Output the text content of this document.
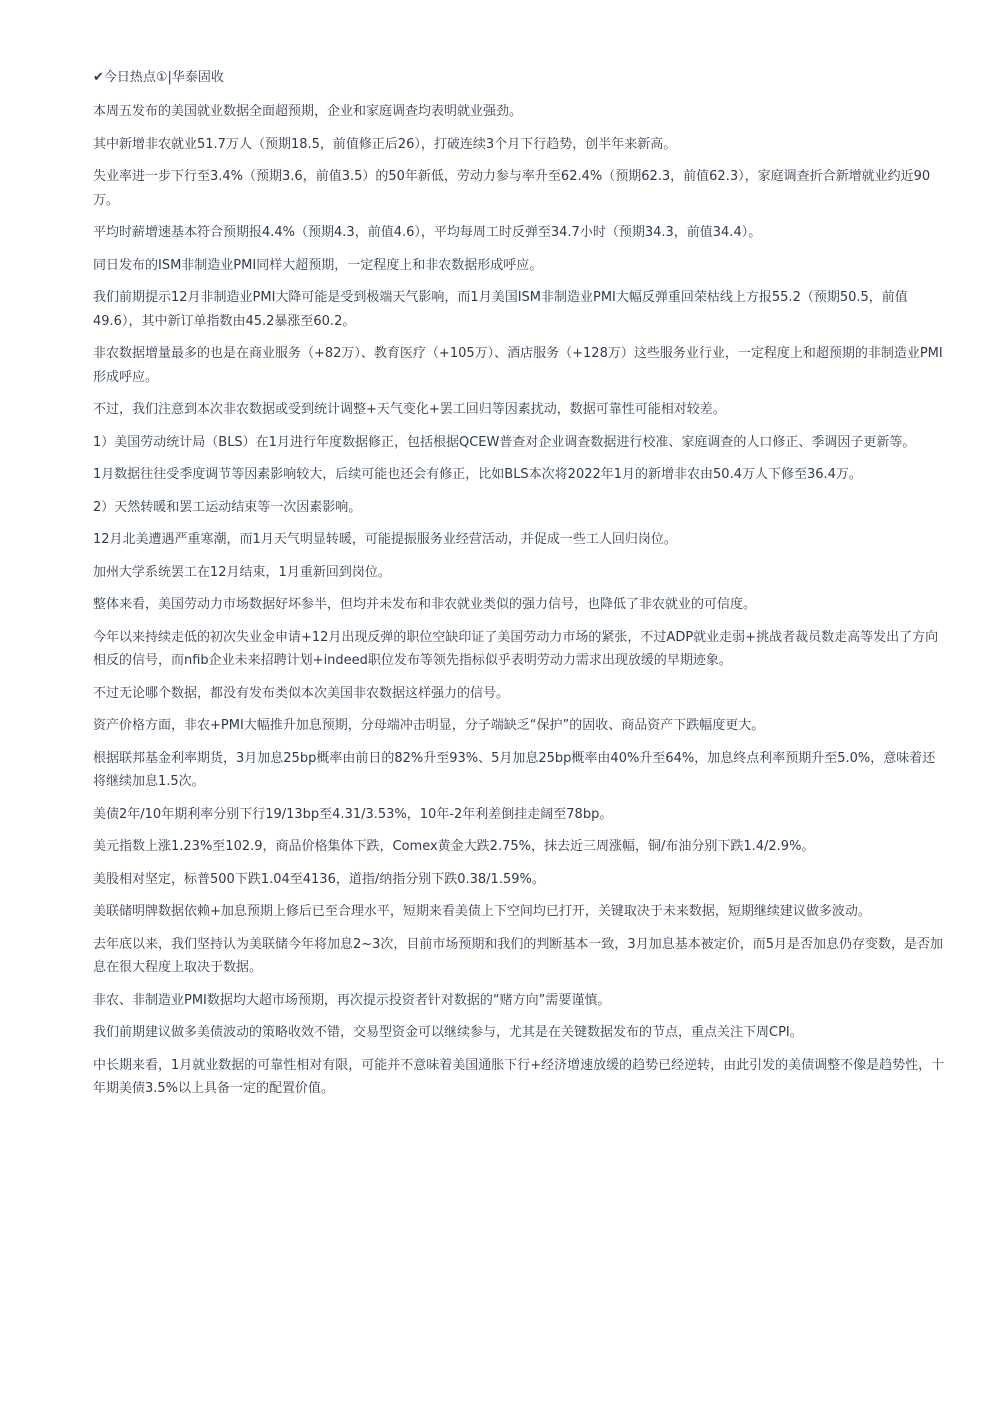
✔今日热点①|华泰固收

本周五发布的美国就业数据全面超预期，企业和家庭调查均表明就业强劲。

其中新增非农就业51.7万人（预期18.5，前值修正后26），打破连续3个月下行趋势，创半年来新高。

失业率进一步下行至3.4%（预期3.6，前值3.5）的50年新低，劳动力参与率升至62.4%（预期62.3，前值62.3），家庭调查折合新增就业约近90万。

平均时薪增速基本符合预期报4.4%（预期4.3，前值4.6），平均每周工时反弹至34.7小时（预期34.3，前值34.4）。

同日发布的ISM非制造业PMI同样大超预期，一定程度上和非农数据形成呼应。

我们前期提示12月非制造业PMI大降可能是受到极端天气影响，而1月美国ISM非制造业PMI大幅反弹重回荣枯线上方报55.2（预期50.5，前值49.6），其中新订单指数由45.2暴涨至60.2。

非农数据增量最多的也是在商业服务（+82万）、教育医疗（+105万）、酒店服务（+128万）这些服务业行业，一定程度上和超预期的非制造业PMI形成呼应。

不过，我们注意到本次非农数据或受到统计调整+天气变化+罢工回归等因素扰动，数据可靠性可能相对较差。

1）美国劳动统计局（BLS）在1月进行年度数据修正，包括根据QCEW普查对企业调查数据进行校准、家庭调查的人口修正、季调因子更新等。

1月数据往往受季度调节等因素影响较大，后续可能也还会有修正，比如BLS本次将2022年1月的新增非农由50.4万人下修至36.4万。

2）天然转暖和罢工运动结束等一次因素影响。

12月北美遭遇严重寒潮，而1月天气明显转暖，可能提振服务业经营活动，并促成一些工人回归岗位。

加州大学系统罢工在12月结束，1月重新回到岗位。

整体来看，美国劳动力市场数据好坏参半，但均并未发布和非农就业类似的强力信号，也降低了非农就业的可信度。

今年以来持续走低的初次失业金申请+12月出现反弹的职位空缺印证了美国劳动力市场的紧张，不过ADP就业走弱+挑战者裁员数走高等发出了方向相反的信号，而nfib企业未来招聘计划+indeed职位发布等领先指标似乎表明劳动力需求出现放缓的早期迹象。

不过无论哪个数据，都没有发布类似本次美国非农数据这样强力的信号。

资产价格方面，非农+PMI大幅推升加息预期，分母端冲击明显，分子端缺乏“保护”的固收、商品资产下跌幅度更大。

根据联邦基金利率期货，3月加息25bp概率由前日的82%升至93%、5月加息25bp概率由40%升至64%，加息终点利率预期升至5.0%，意味着还将继续加息1.5次。

美债2年/10年期利率分别下行19/13bp至4.31/3.53%，10年-2年利差倒挂走阔至78bp。

美元指数上涨1.23%至102.9，商品价格集体下跌，Comex黄金大跌2.75%，抹去近三周涨幅，铜/布油分别下跌1.4/2.9%。

美股相对坚定，标普500下跌1.04至4136，道指/纳指分别下跌0.38/1.59%。

美联储明牌数据依赖+加息预期上修后已至合理水平，短期来看美债上下空间均已打开，关键取决于未来数据，短期继续建议做多波动。

去年底以来，我们坚持认为美联储今年将加息2~3次，目前市场预期和我们的判断基本一致，3月加息基本被定价，而5月是否加息仍存变数，是否加息在很大程度上取决于数据。

非农、非制造业PMI数据均大超市场预期，再次提示投资者针对数据的“赌方向”需要谨慎。

我们前期建议做多美债波动的策略收效不错，交易型资金可以继续参与，尤其是在关键数据发布的节点，重点关注下周CPI。

中长期来看，1月就业数据的可靠性相对有限，可能并不意味着美国通胀下行+经济增速放缓的趋势已经逆转，由此引发的美债调整不像是趋势性，十年期美债3.5%以上具备一定的配置价值。
